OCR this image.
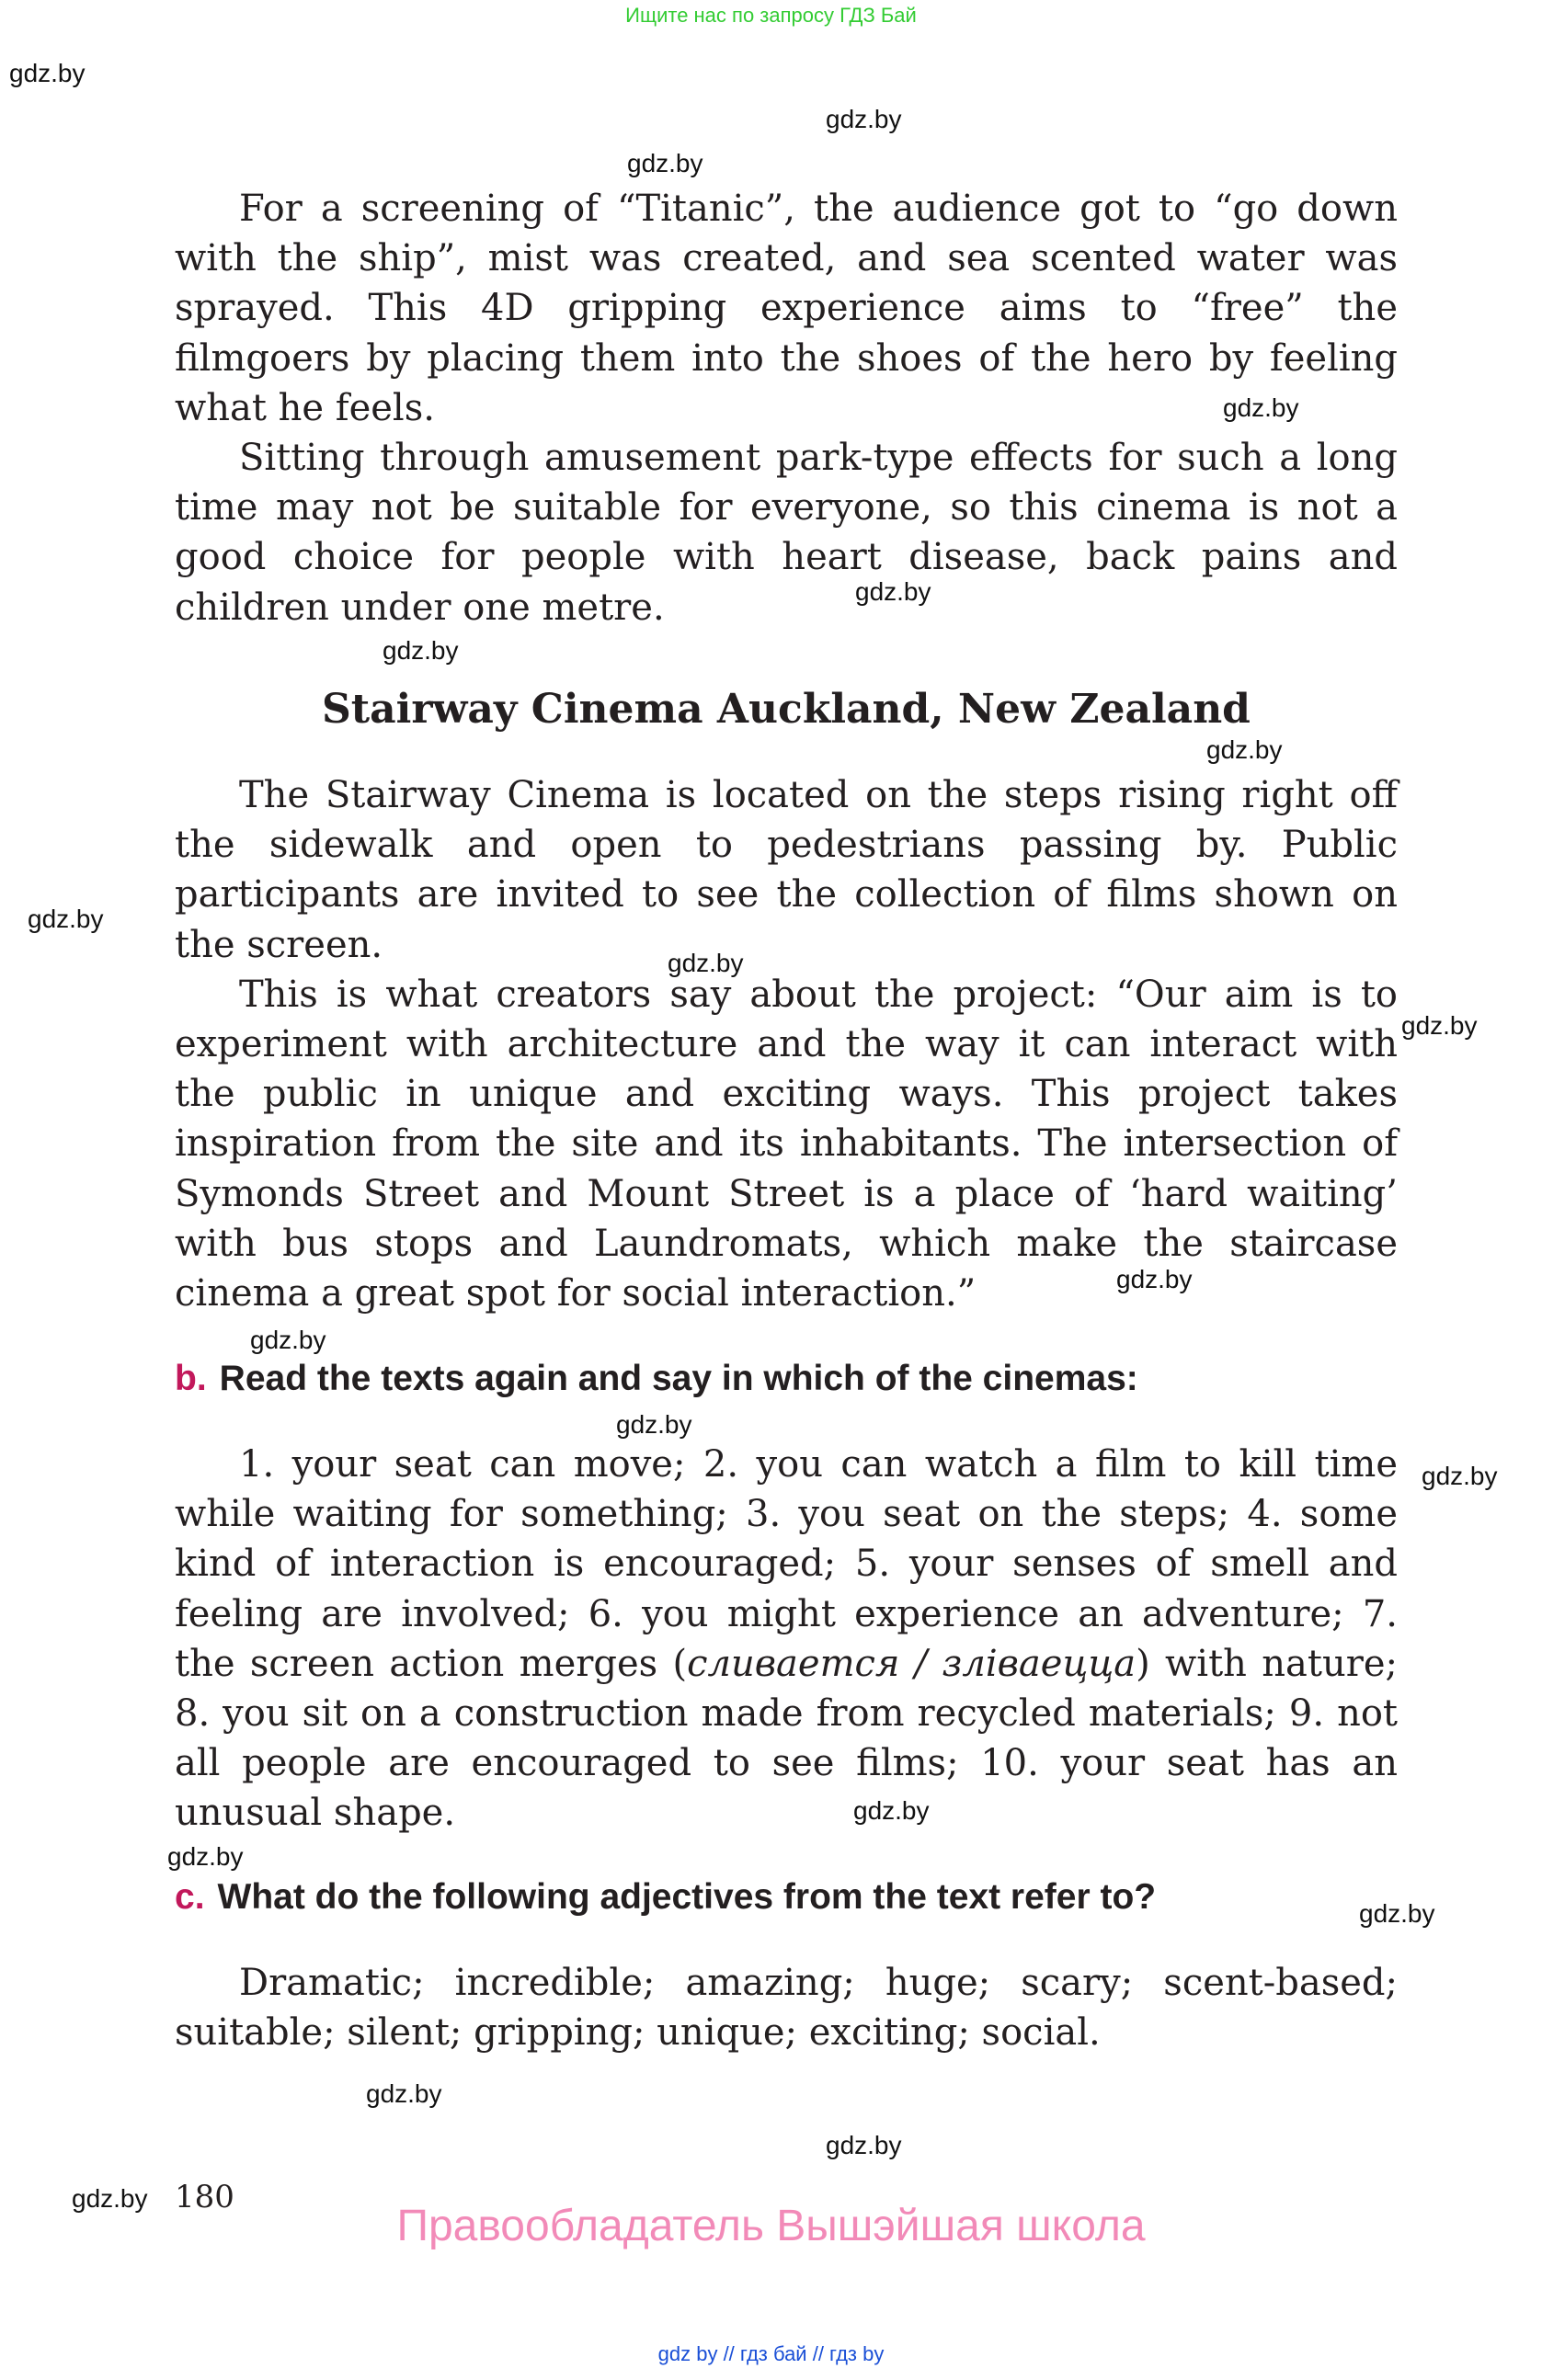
Ищите нас по запросу ГДЗ Бай
gdz.by
gdz.by
gdz.by
gdz.by
gdz.by
gdz.by
gdz.by
gdz.by
gdz.by
gdz.by
gdz.by
gdz.by
gdz.by
gdz.by
gdz.by
gdz.by
gdz.by
gdz.by
gdz.by
gdz.by

For a screening of “Titanic”, the audience got to “go down with the ship”, mist was created, and sea scented water was sprayed. This 4D gripping experience aims to “free” the filmgoers by placing them into the shoes of the hero by feeling what he feels.

Sitting through amusement park-type effects for such a long time may not be suitable for everyone, so this cinema is not a good choice for people with heart disease, back pains and children under one metre.

Stairway Cinema Auckland, New Zealand

The Stairway Cinema is located on the steps rising right off the sidewalk and open to pedestrians passing by. Public participants are invited to see the collection of films shown on the screen.

This is what creators say about the project: “Our aim is to experiment with architecture and the way it can interact with the public in unique and exciting ways. This project takes inspiration from the site and its inhabitants. The intersection of Symonds Street and Mount Street is a place of ‘hard waiting’ with bus stops and Laundromats, which make the staircase cinema a great spot for social interaction.”

b. Read the texts again and say in which of the cinemas:

1. your seat can move; 2. you can watch a film to kill time while waiting for something; 3. you seat on the steps; 4. some kind of interaction is encouraged; 5. your senses of smell and feeling are involved; 6. you might experience an adventure; 7. the screen action merges (сливается / зліваецца) with nature; 8. you sit on a construction made from recycled materials; 9. not all people are encouraged to see films; 10. your seat has an unusual shape.

c. What do the following adjectives from the text refer to?

Dramatic; incredible; amazing; huge; scary; scent-based; suitable; silent; gripping; unique; exciting; social.

180
Правообладатель Вышэйшая школа
gdz by // гдз бай // гдз by
